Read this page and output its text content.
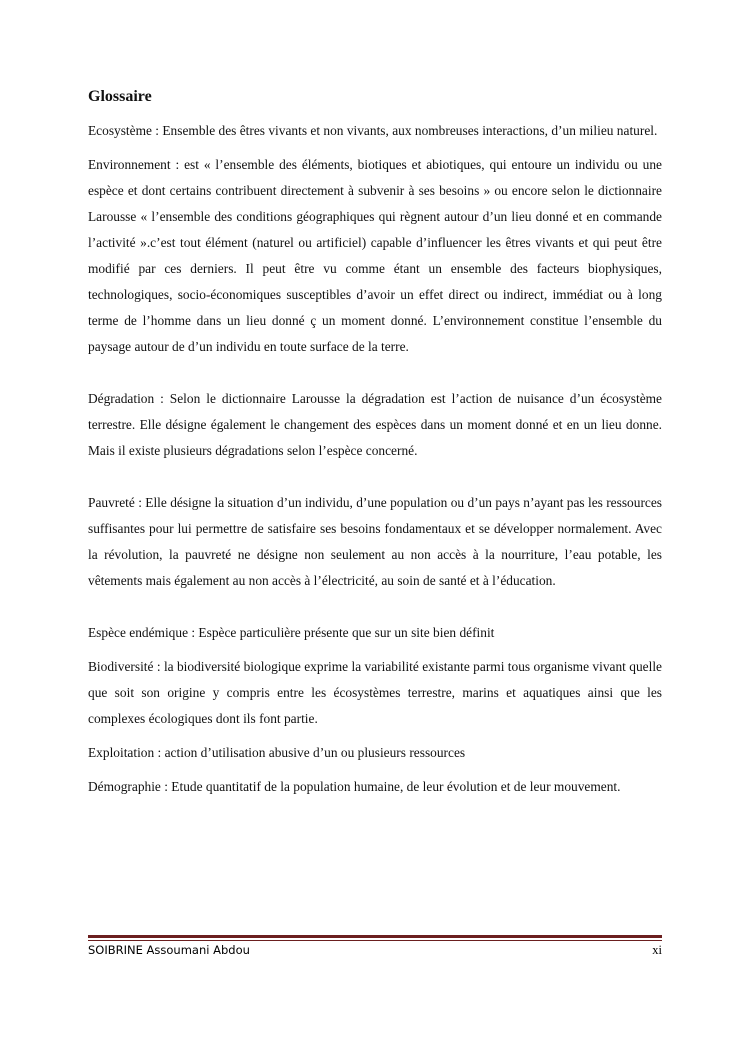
Glossaire

Ecosystème : Ensemble des êtres vivants et non vivants, aux nombreuses interactions, d’un milieu naturel.

Environnement : est « l’ensemble des éléments, biotiques et abiotiques, qui entoure un individu ou une espèce et dont certains contribuent directement à subvenir à ses besoins » ou encore selon le dictionnaire Larousse « l’ensemble des conditions géographiques qui règnent autour d’un lieu donné et en commande l’activité ».c’est tout élément (naturel ou artificiel) capable d’influencer les êtres vivants et qui peut être modifié par ces derniers. Il peut être vu comme étant un ensemble des facteurs biophysiques, technologiques, socio-économiques susceptibles d’avoir un effet direct ou indirect, immédiat ou à long terme de l’homme dans un lieu donné ç un moment donné. L’environnement constitue l’ensemble du paysage autour de d’un individu en toute surface de la terre.

Dégradation : Selon le dictionnaire Larousse la dégradation est l’action de nuisance d’un écosystème terrestre. Elle désigne également le changement des espèces dans un moment donné et en un lieu donne. Mais il existe plusieurs dégradations selon l’espèce concerné.

Pauvreté : Elle désigne la situation d’un individu, d’une population ou d’un pays n’ayant pas les ressources suffisantes pour lui permettre de satisfaire ses besoins fondamentaux et se développer normalement. Avec la révolution, la pauvreté ne désigne non seulement au non accès à la nourriture, l’eau potable, les vêtements mais également au non accès à l’électricité, au soin de santé et à l’éducation.

Espèce endémique : Espèce particulière présente que sur un site bien définit

Biodiversité : la biodiversité biologique exprime la variabilité existante parmi tous organisme vivant quelle que soit son origine y compris entre les écosystèmes terrestre, marins et aquatiques ainsi que les complexes écologiques dont ils font partie.

Exploitation : action d’utilisation abusive d’un ou plusieurs ressources

Démographie : Etude quantitatif de la population humaine, de leur évolution et de leur mouvement.

SOIBRINE Assoumani Abdou	xi
